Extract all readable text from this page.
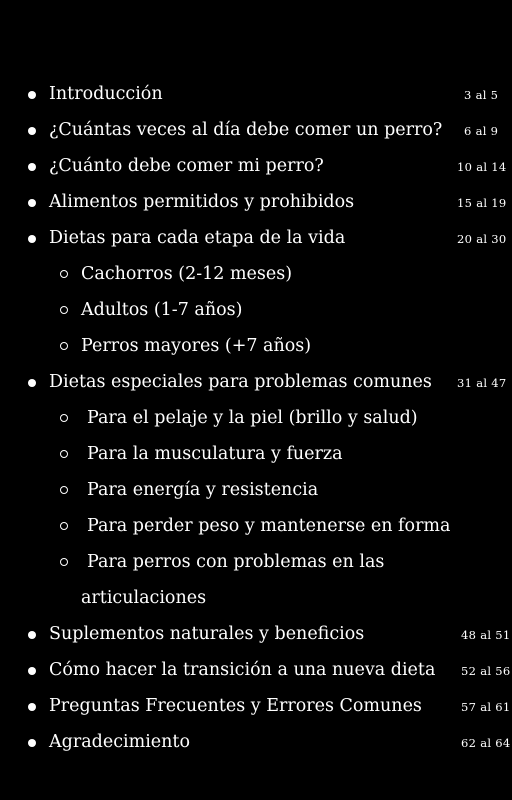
Introducción	3 al 5
¿Cuántas veces al día debe comer un perro? 6 al 9
¿Cuánto debe comer mi perro?	10 al 14
Alimentos permitidos y prohibidos	15 al 19
Dietas para cada etapa de la vida	20 al 30
Cachorros (2-12 meses)
Adultos (1-7 años)
Perros mayores (+7 años)
Dietas especiales para problemas comunes 31 al 47
Para el pelaje y la piel (brillo y salud)
Para la musculatura y fuerza
Para energía y resistencia
Para perder peso y mantenerse en forma
Para perros con problemas en las
articulaciones
Suplementos naturales y beneficios	48 al 51
Cómo hacer la transición a una nueva dieta 52 al 56
Preguntas Frecuentes y Errores Comunes	57 al 61
Agradecimiento	62 al 64
